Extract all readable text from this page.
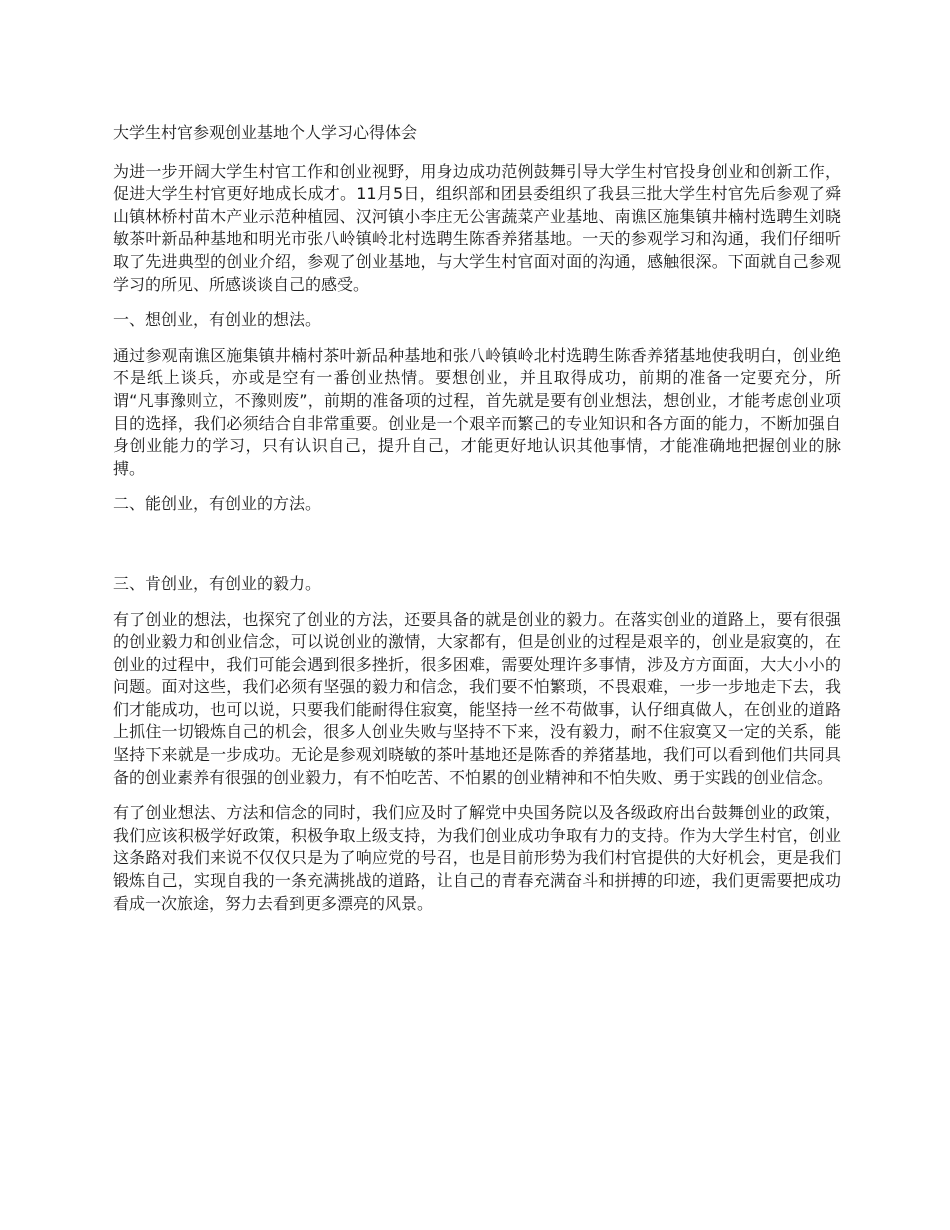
大学生村官参观创业基地个人学习心得体会

为进一步开阔大学生村官工作和创业视野，用身边成功范例鼓舞引导大学生村官投身创业和创新工作，促进大学生村官更好地成长成才。11月5日，组织部和团县委组织了我县三批大学生村官先后参观了舜山镇林桥村苗木产业示范种植园、汉河镇小李庄无公害蔬菜产业基地、南谯区施集镇井楠村选聘生刘晓敏茶叶新品种基地和明光市张八岭镇岭北村选聘生陈香养猪基地。一天的参观学习和沟通，我们仔细听取了先进典型的创业介绍，参观了创业基地，与大学生村官面对面的沟通，感触很深。下面就自己参观学习的所见、所感谈谈自己的感受。

一、想创业，有创业的想法。

通过参观南谯区施集镇井楠村茶叶新品种基地和张八岭镇岭北村选聘生陈香养猪基地使我明白，创业绝不是纸上谈兵，亦或是空有一番创业热情。要想创业，并且取得成功，前期的准备一定要充分，所谓“凡事豫则立，不豫则废”，前期的准备项的过程，首先就是要有创业想法，想创业，才能考虑创业项目的选择，我们必须结合自非常重要。创业是一个艰辛而繁己的专业知识和各方面的能力，不断加强自身创业能力的学习，只有认识自己，提升自己，才能更好地认识其他事情，才能准确地把握创业的脉搏。

二、能创业，有创业的方法。

三、肯创业，有创业的毅力。

有了创业的想法，也探究了创业的方法，还要具备的就是创业的毅力。在落实创业的道路上，要有很强的创业毅力和创业信念，可以说创业的激情，大家都有，但是创业的过程是艰辛的，创业是寂寞的，在创业的过程中，我们可能会遇到很多挫折，很多困难，需要处理许多事情，涉及方方面面，大大小小的问题。面对这些，我们必须有坚强的毅力和信念，我们要不怕繁琐，不畏艰难，一步一步地走下去，我们才能成功，也可以说，只要我们能耐得住寂寞，能坚持一丝不苟做事，认仔细真做人，在创业的道路上抓住一切锻炼自己的机会，很多人创业失败与坚持不下来，没有毅力，耐不住寂寞又一定的关系，能坚持下来就是一步成功。无论是参观刘晓敏的茶叶基地还是陈香的养猪基地，我们可以看到他们共同具备的创业素养有很强的创业毅力，有不怕吃苦、不怕累的创业精神和不怕失败、勇于实践的创业信念。

有了创业想法、方法和信念的同时，我们应及时了解党中央国务院以及各级政府出台鼓舞创业的政策，我们应该积极学好政策，积极争取上级支持，为我们创业成功争取有力的支持。作为大学生村官，创业这条路对我们来说不仅仅只是为了响应党的号召，也是目前形势为我们村官提供的大好机会，更是我们锻炼自己，实现自我的一条充满挑战的道路，让自己的青春充满奋斗和拼搏的印迹，我们更需要把成功看成一次旅途，努力去看到更多漂亮的风景。
